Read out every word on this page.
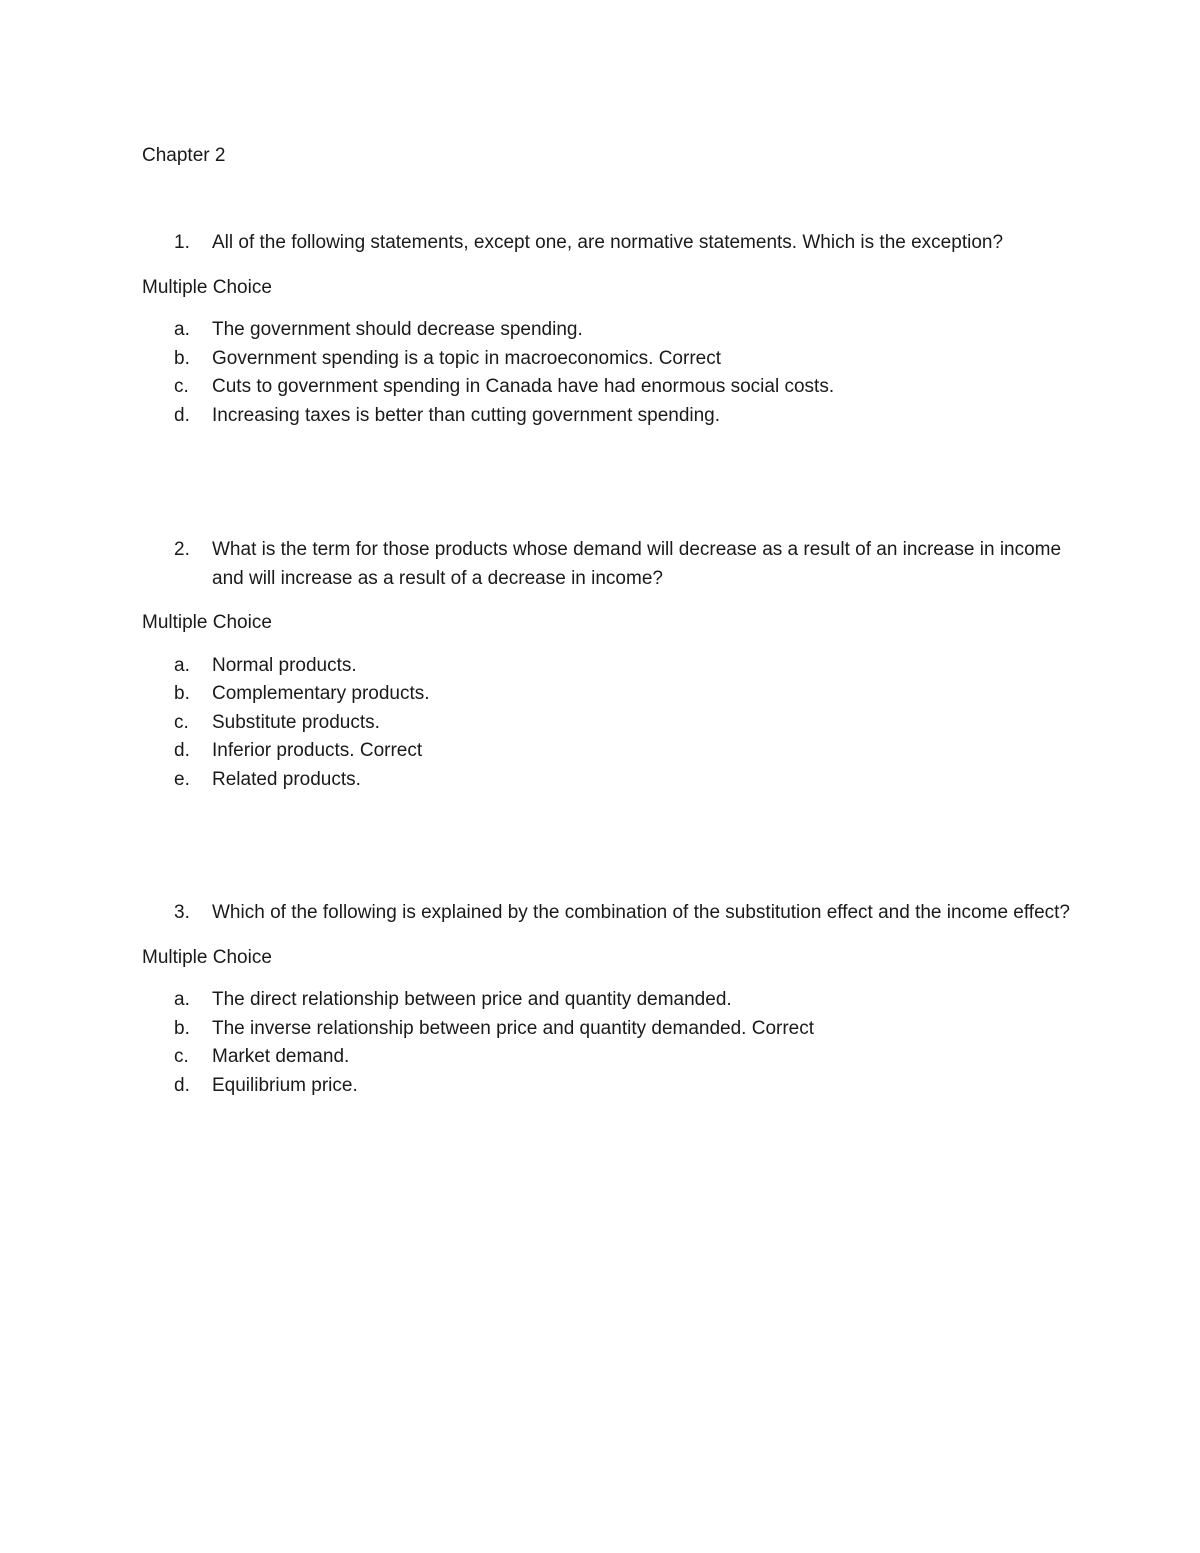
Chapter 2
1. All of the following statements, except one, are normative statements. Which is the exception?
Multiple Choice
a. The government should decrease spending.
b. Government spending is a topic in macroeconomics. Correct
c. Cuts to government spending in Canada have had enormous social costs.
d. Increasing taxes is better than cutting government spending.
2. What is the term for those products whose demand will decrease as a result of an increase in income and will increase as a result of a decrease in income?
Multiple Choice
a. Normal products.
b. Complementary products.
c. Substitute products.
d. Inferior products. Correct
e. Related products.
3. Which of the following is explained by the combination of the substitution effect and the income effect?
Multiple Choice
a. The direct relationship between price and quantity demanded.
b. The inverse relationship between price and quantity demanded. Correct
c. Market demand.
d. Equilibrium price.
